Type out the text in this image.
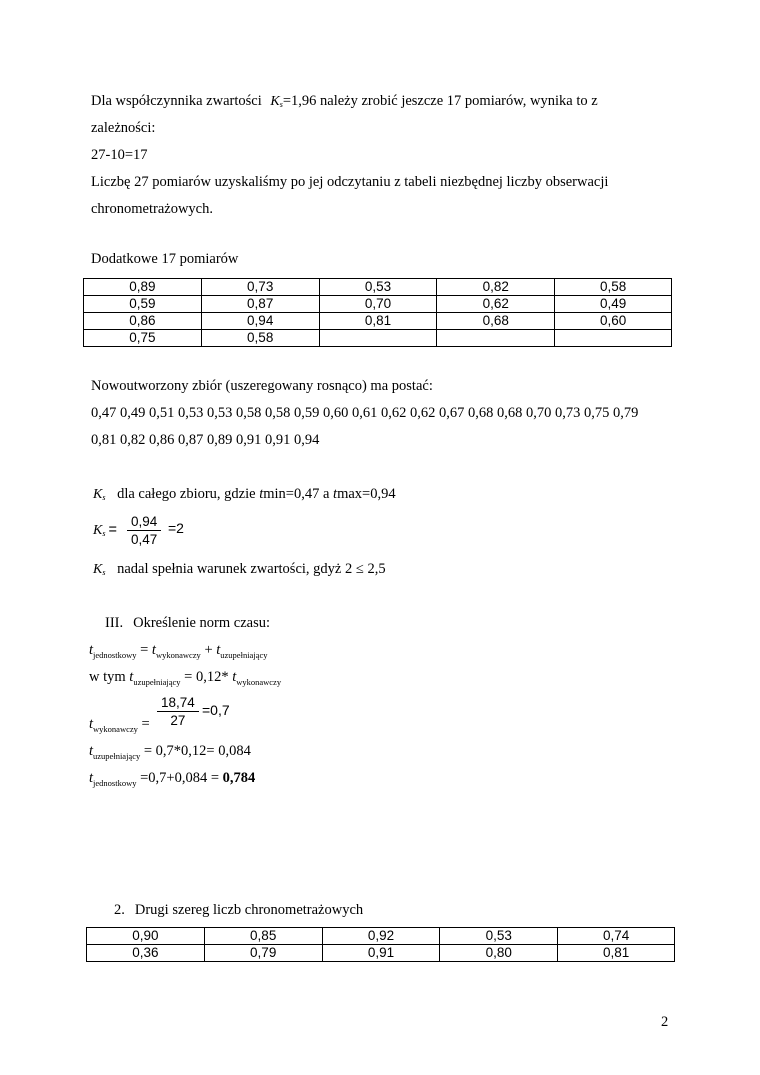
Dla współczynnika zwartości $K_s=1,96$ należy zrobić jeszcze 17 pomiarów, wynika to z
zależności:
27-10=17
Liczbę 27 pomiarów uzyskaliśmy po jej odczytaniu z tabeli niezbędnej liczby obserwacji
chronometrażowych.
Dodatkowe 17 pomiarów
0,89	0,73	0,53	0,82	0,58
0,59	0,87	0,70	0,62	0,49
0,86	0,94	0,81	0,68	0,60
0,75	0,58			
Nowoutworzony zbiór (uszeregowany rosnąco) ma postać:
0,47 0,49 0,51 0,53 0,53 0,58 0,58 0,59 0,60 0,61 0,62 0,62 0,67 0,68 0,68 0,70 0,73 0,75 0,79
0,81 0,82 0,86 0,87 0,89 0,91 0,91 0,94
$K_s$ dla całego zbioru, gdzie tmin=0,47 a tmax=0,94
$K_s = \frac{0,94}{0,47} =2$
$K_s$ nadal spełnia warunek zwartości, gdyż 2 ≤ 2,5
III. Określenie norm czasu:
$t_{jednostkowy} = t_{wykonawczy} + t_{uzupełniający}$
w tym $t_{uzupełniający} = 0,12*$ $t_{wykonawczy}$
$t_{wykonawczy} = \frac{18,74}{27} =0,7$
$t_{uzupełniający} = 0,7*0,12= 0,084$
$t_{jednostkowy} =0,7+0,084 = 0,784$
2. Drugi szereg liczb chronometrażowych
0,90	0,85	0,92	0,53	0,74
0,36	0,79	0,91	0,80	0,81
2
